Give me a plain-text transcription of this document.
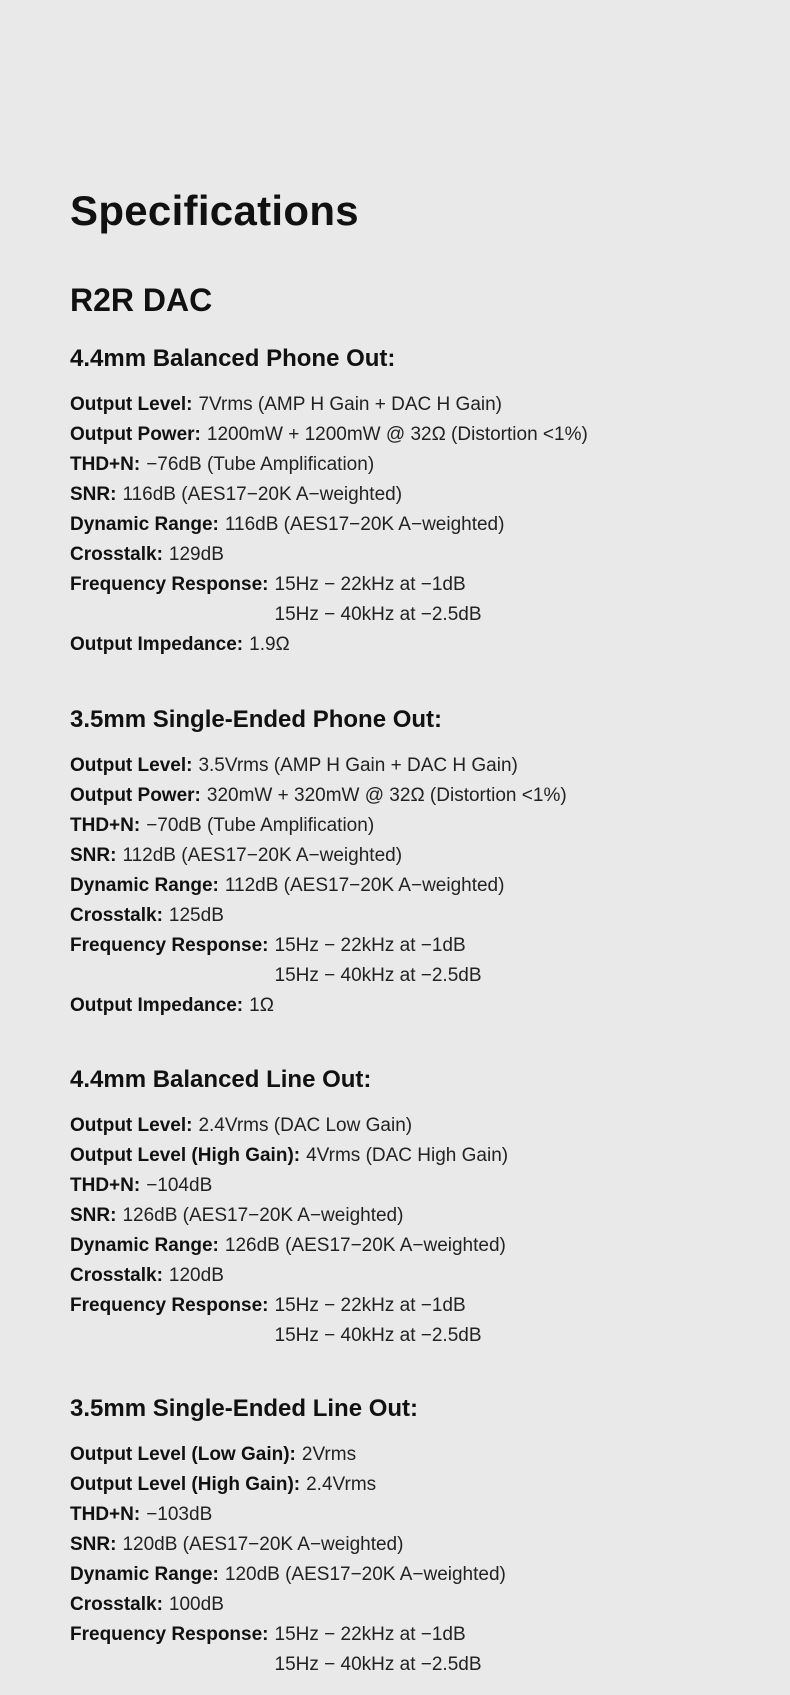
Specifications
R2R DAC
4.4mm Balanced Phone Out:
Output Level: 7Vrms (AMP H Gain + DAC H Gain)
Output Power: 1200mW + 1200mW @ 32Ω (Distortion <1%)
THD+N: −76dB (Tube Amplification)
SNR: 116dB (AES17−20K A−weighted)
Dynamic Range: 116dB (AES17−20K A−weighted)
Crosstalk: 129dB
Frequency Response: 15Hz − 22kHz at −1dB
15Hz − 40kHz at −2.5dB
Output Impedance: 1.9Ω
3.5mm Single-Ended Phone Out:
Output Level: 3.5Vrms (AMP H Gain + DAC H Gain)
Output Power: 320mW + 320mW @ 32Ω (Distortion <1%)
THD+N: −70dB (Tube Amplification)
SNR: 112dB (AES17−20K A−weighted)
Dynamic Range: 112dB (AES17−20K A−weighted)
Crosstalk: 125dB
Frequency Response: 15Hz − 22kHz at −1dB
15Hz − 40kHz at −2.5dB
Output Impedance: 1Ω
4.4mm Balanced Line Out:
Output Level: 2.4Vrms (DAC Low Gain)
Output Level (High Gain): 4Vrms (DAC High Gain)
THD+N: −104dB
SNR: 126dB (AES17−20K A−weighted)
Dynamic Range: 126dB (AES17−20K A−weighted)
Crosstalk: 120dB
Frequency Response: 15Hz − 22kHz at −1dB
15Hz − 40kHz at −2.5dB
3.5mm Single-Ended Line Out:
Output Level (Low Gain): 2Vrms
Output Level (High Gain): 2.4Vrms
THD+N: −103dB
SNR: 120dB (AES17−20K A−weighted)
Dynamic Range: 120dB (AES17−20K A−weighted)
Crosstalk: 100dB
Frequency Response: 15Hz − 22kHz at −1dB
15Hz − 40kHz at −2.5dB
